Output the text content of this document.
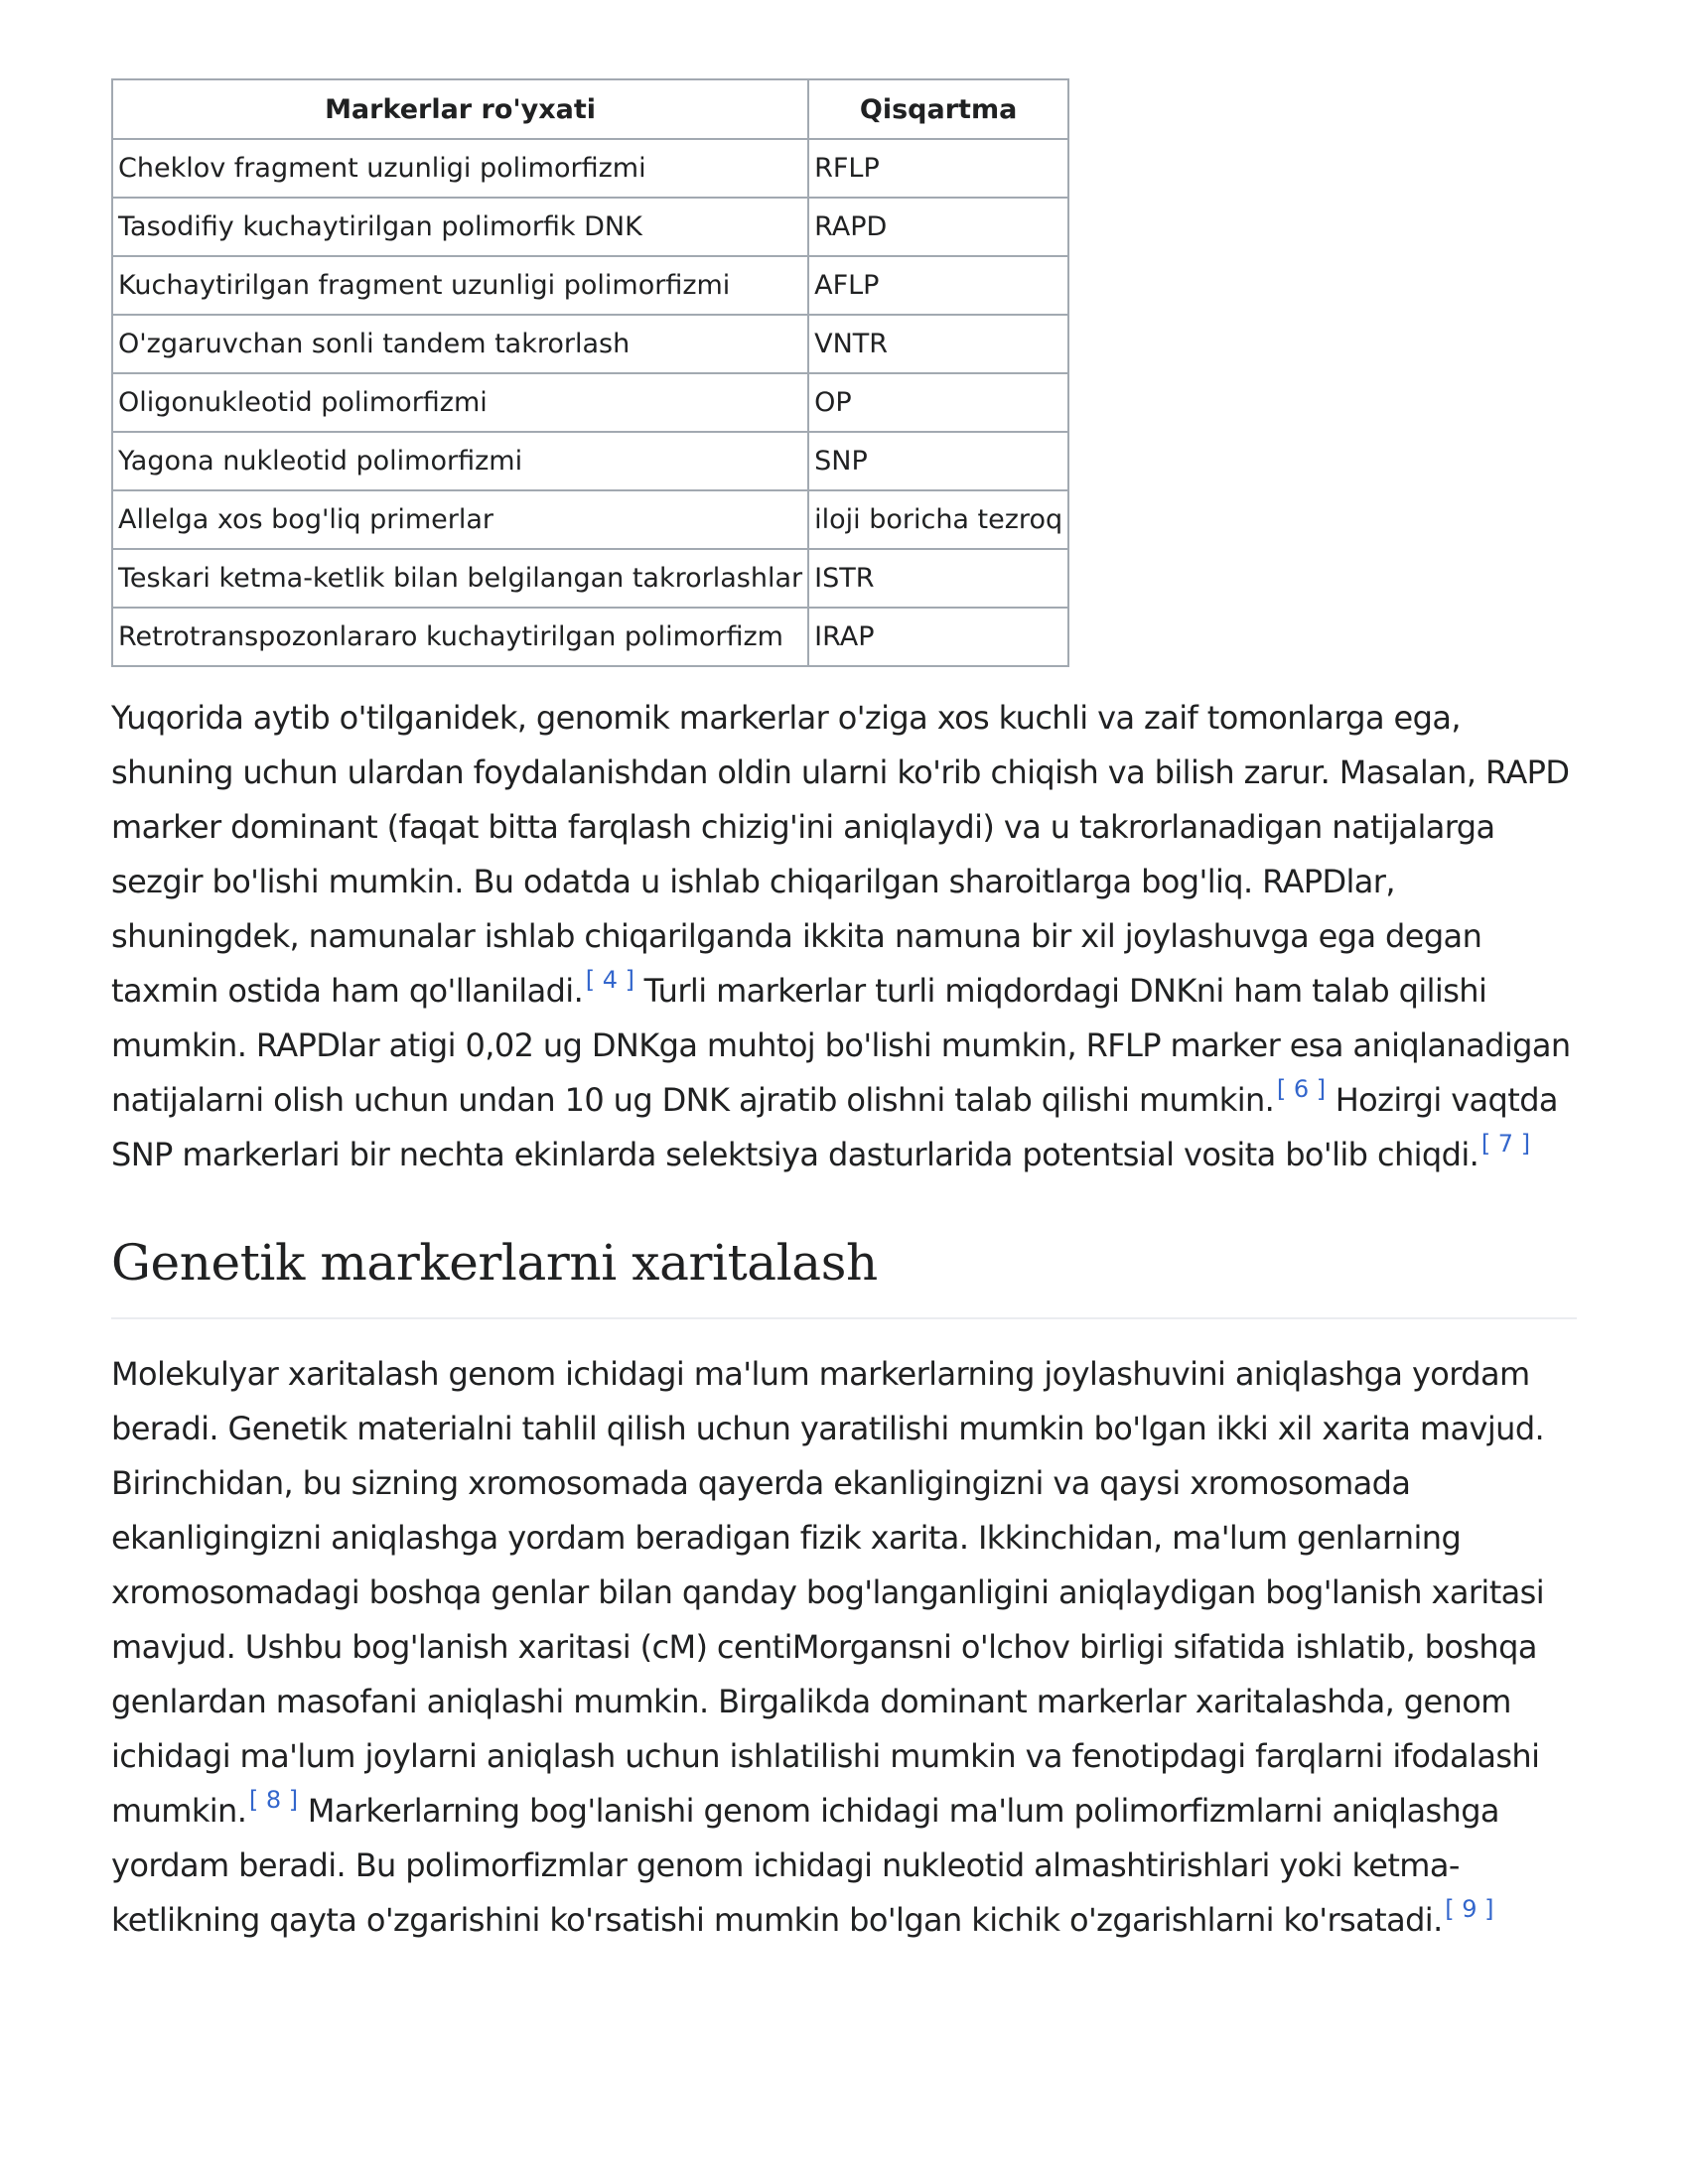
Markerlar ro'yxati	Qisqartma
Cheklov fragment uzunligi polimorfizmi	RFLP
Tasodifiy kuchaytirilgan polimorfik DNK	RAPD
Kuchaytirilgan fragment uzunligi polimorfizmi	AFLP
O'zgaruvchan sonli tandem takrorlash	VNTR
Oligonukleotid polimorfizmi	OP
Yagona nukleotid polimorfizmi	SNP
Allelga xos bog'liq primerlar	iloji boricha tezroq
Teskari ketma-ketlik bilan belgilangan takrorlashlar	ISTR
Retrotranspozonlararo kuchaytirilgan polimorfizm	IRAP

Yuqorida aytib o'tilganidek, genomik markerlar o'ziga xos kuchli va zaif tomonlarga ega, shuning uchun ulardan foydalanishdan oldin ularni ko'rib chiqish va bilish zarur. Masalan, RAPD marker dominant (faqat bitta farqlash chizig'ini aniqlaydi) va u takrorlanadigan natijalarga sezgir bo'lishi mumkin. Bu odatda u ishlab chiqarilgan sharoitlarga bog'liq. RAPDlar, shuningdek, namunalar ishlab chiqarilganda ikkita namuna bir xil joylashuvga ega degan taxmin ostida ham qo'llaniladi.  [ 4 ] Turli markerlar turli miqdordagi DNKni ham talab qilishi mumkin. RAPDlar atigi 0,02 ug DNKga muhtoj bo'lishi mumkin, RFLP marker esa aniqlanadigan natijalarni olish uchun undan 10 ug DNK ajratib olishni talab qilishi mumkin.  [ 6 ] Hozirgi vaqtda SNP markerlari bir nechta ekinlarda selektsiya dasturlarida potentsial vosita bo'lib chiqdi.  [ 7 ]

Genetik markerlarni xaritalash

Molekulyar xaritalash genom ichidagi ma'lum markerlarning joylashuvini aniqlashga yordam beradi. Genetik materialni tahlil qilish uchun yaratilishi mumkin bo'lgan ikki xil xarita mavjud. Birinchidan, bu sizning xromosomada qayerda ekanligingizni va qaysi xromosomada ekanligingizni aniqlashga yordam beradigan fizik xarita. Ikkinchidan, ma'lum genlarning xromosomadagi boshqa genlar bilan qanday bog'langanligini aniqlaydigan bog'lanish xaritasi mavjud. Ushbu bog'lanish xaritasi (cM) centiMorgansni o'lchov birligi sifatida ishlatib, boshqa genlardan masofani aniqlashi mumkin. Birgalikda dominant markerlar xaritalashda, genom ichidagi ma'lum joylarni aniqlash uchun ishlatilishi mumkin va fenotipdagi farqlarni ifodalashi mumkin.  [ 8 ] Markerlarning bog'lanishi genom ichidagi ma'lum polimorfizmlarni aniqlashga yordam beradi. Bu polimorfizmlar genom ichidagi nukleotid almashtirishlari yoki ketma-ketlikning qayta o'zgarishini ko'rsatishi mumkin bo'lgan kichik o'zgarishlarni ko'rsatadi.  [ 9 ]
